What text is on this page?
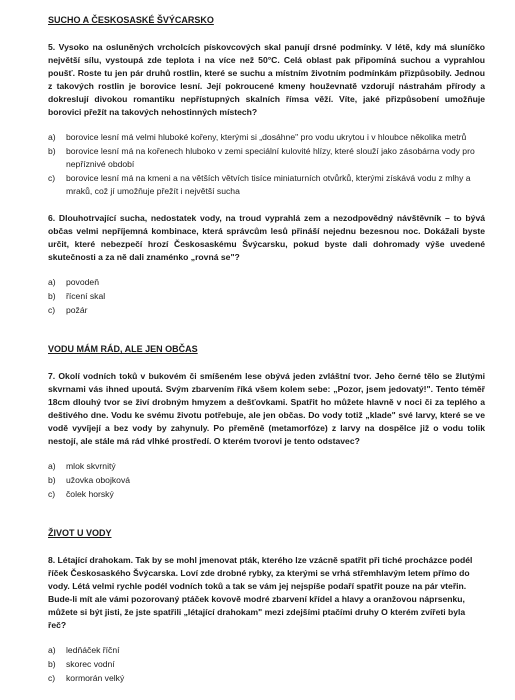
SUCHO A ČESKOSASKÉ ŠVÝCARSKO
5. Vysoko na osluněných vrcholcích pískovcových skal panují drsné podmínky. V létě, kdy má sluníčko největší sílu, vystoupá zde teplota i na více než 50°C. Celá oblast pak připomíná suchou a vyprahlou poušť. Roste tu jen pár druhů rostlin, které se suchu a místním životním podmínkám přizpůsobily. Jednou z takových rostlin je borovice lesní. Její pokroucené kmeny houževnatě vzdorují nástrahám přírody a dokreslují divokou romantiku nepřístupných skalních římsa věží. Víte, jaké přizpůsobení umožňuje borovici přežít na takových nehostinných místech?
a)	borovice lesní má velmi hluboké kořeny, kterými si „dosáhne" pro vodu ukrytou i v hloubce několika metrů
b)	borovice lesní má na kořenech hluboko v zemi speciální kulovité hlízy, které slouží jako zásobárna vody pro nepříznivé období
c)	borovice lesní má na kmeni a na větších větvích tisíce miniaturních otvůrků, kterými získává vodu z mlhy a mraků, což jí umožňuje přežít i největší sucha
6. Dlouhotrvající sucha, nedostatek vody, na troud vyprahlá zem a nezodpovědný návštěvník – to bývá občas velmi nepříjemná kombinace, která správcům lesů přináší nejednu bezesnou noc. Dokážali byste určit, které nebezpečí hrozí Českosaskému Švýcarsku, pokud byste dali dohromady výše uvedené skutečnosti a za ně dali znaménko „rovná se"?
a)	povodeň
b)	řícení skal
c)	požár
VODU MÁM RÁD, ALE JEN OBČAS
7. Okolí vodních toků v bukovém či smíšeném lese obývá jeden zvláštní tvor. Jeho černé tělo se žlutými skvrnami vás ihned upoutá. Svým zbarvením říká všem kolem sebe: „Pozor, jsem jedovatý!". Tento téměř 18cm dlouhý tvor se živí drobným hmyzem a dešťovkami. Spatřit ho můžete hlavně v noci či za teplého a deštivého dne. Vodu ke svému životu potřebuje, ale jen občas. Do vody totiž „klade" své larvy, které se ve vodě vyvíjejí a bez vody by zahynuly. Po přeměně (metamorfóze) z larvy na dospělce již o vodu tolik nestojí, ale stále má rád vlhké prostředí. O kterém tvorovi je tento odstavec?
a)	mlok skvrnitý
b)	užovka obojková
c)	čolek horský
ŽIVOT U VODY
8. Létající drahokam. Tak by se mohl jmenovat pták, kterého lze vzácně spatřit při tiché procházce podél říček Českosaského Švýcarska. Loví zde drobné rybky, za kterými se vrhá střemhlavým letem přímo do vody. Létá velmi rychle podél vodních toků a tak se vám jej nejspíše podaří spatřit pouze na pár vteřin. Bude-li mít ale vámi pozorovaný ptáček kovově modré zbarvení křídel a hlavy a oranžovou náprsenku, můžete si být jisti, že jste spatřili „létající drahokam" mezi zdejšími ptačími druhy O kterém zvířeti byla řeč?
a)	ledňáček říční
b)	skorec vodní
c)	kormorán velký
